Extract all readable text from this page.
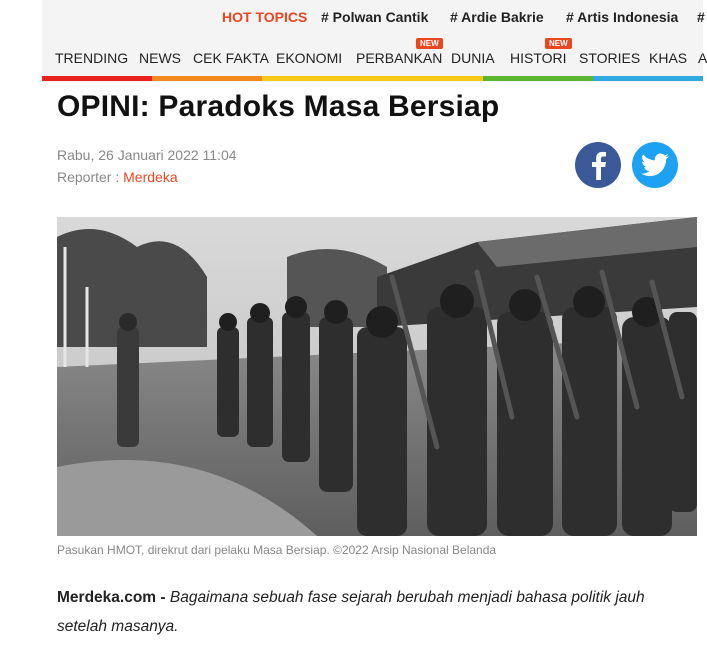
HOT TOPICS # Polwan Cantik # Ardie Bakrie # Artis Indonesia #
TRENDING NEWS CEK FAKTA EKONOMI PERBANKAN
NEW
DUNIA HISTORI
NEW
STORIES KHAS A
OPINI: Paradoks Masa Bersiap
Rabu, 26 Januari 2022 11:04
Reporter : Merdeka
Pasukan HMOT, direkrut dari pelaku Masa Bersiap. ©2022 Arsip Nasional Belanda

Merdeka.com - Bagaimana sebuah fase sejarah berubah menjadi bahasa politik jauh setelah masanya.
